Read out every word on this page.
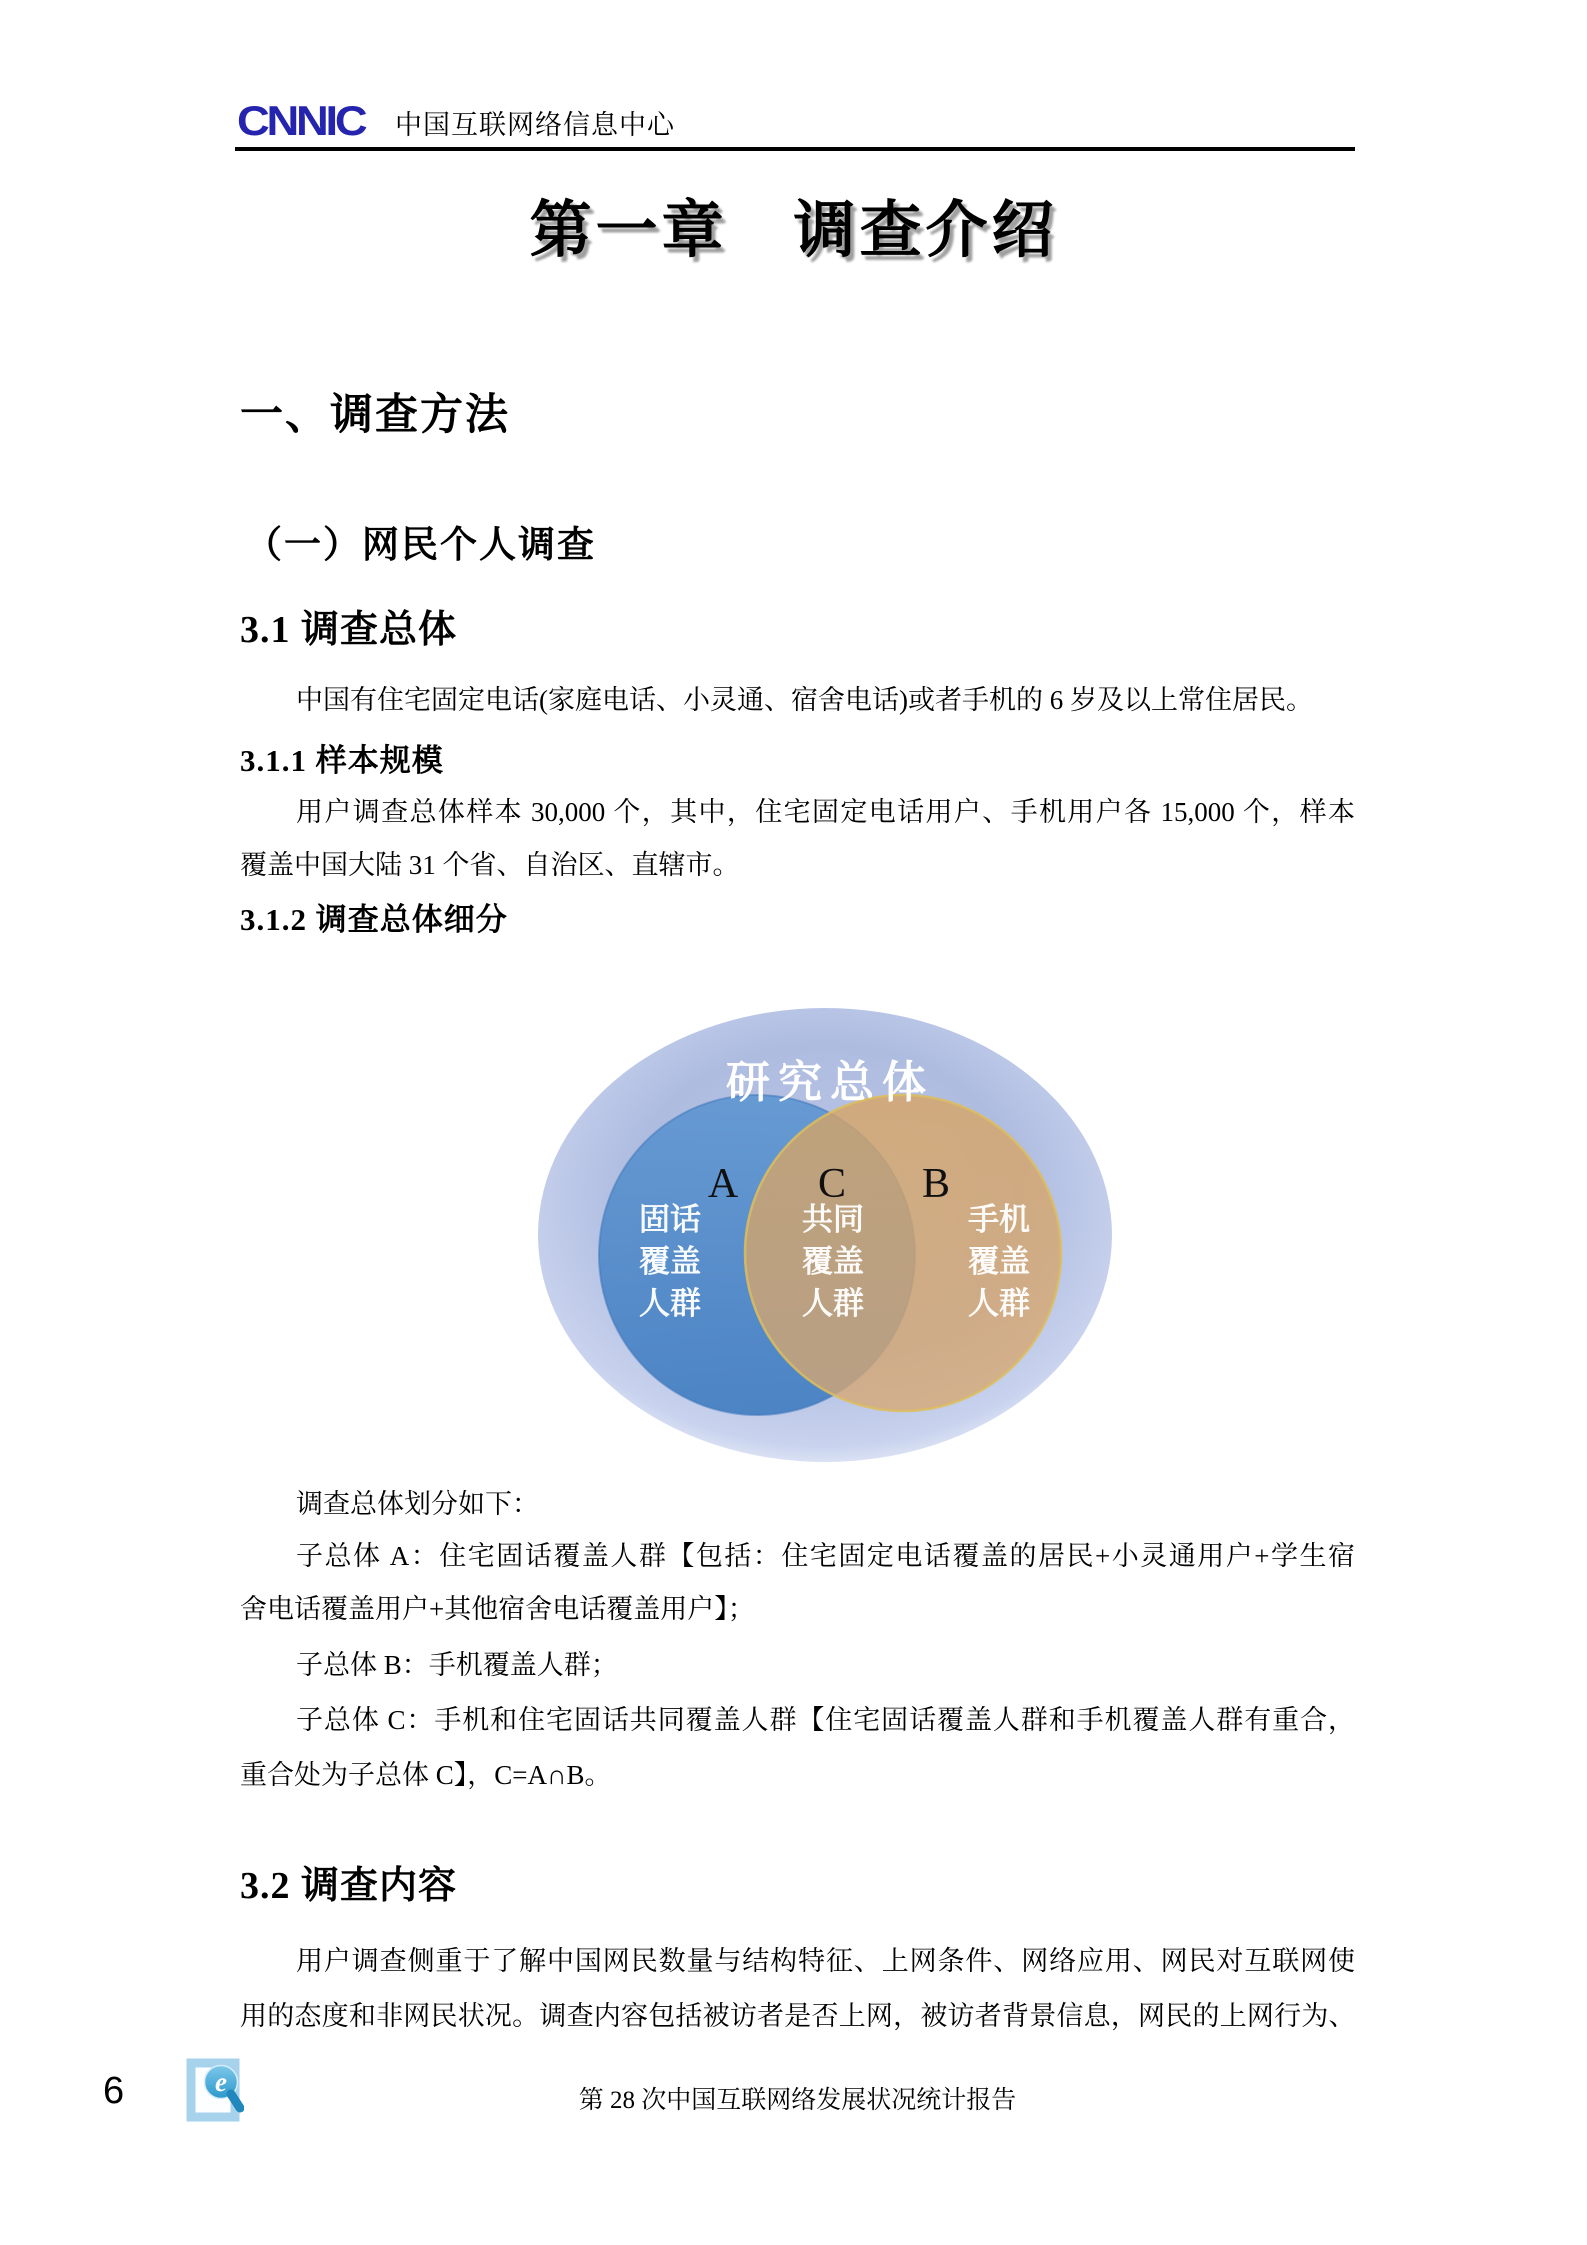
CNNIC 中国互联网络信息中心
第一章　调查介绍
一、调查方法
（一）网民个人调查
3.1 调查总体
中国有住宅固定电话(家庭电话、小灵通、宿舍电话)或者手机的 6 岁及以上常住居民。
3.1.1 样本规模
用户调查总体样本 30,000 个，其中，住宅固定电话用户、手机用户各 15,000 个，样本
覆盖中国大陆 31 个省、自治区、直辖市。
3.1.2 调查总体细分
研究总体
A C B
固话
覆盖
人群
共同
覆盖
人群
手机
覆盖
人群
调查总体划分如下：
子总体 A：住宅固话覆盖人群【包括：住宅固定电话覆盖的居民+小灵通用户+学生宿
舍电话覆盖用户+其他宿舍电话覆盖用户】；
子总体 B：手机覆盖人群；
子总体 C：手机和住宅固话共同覆盖人群【住宅固话覆盖人群和手机覆盖人群有重合，
重合处为子总体 C】，C=A∩B。
3.2 调查内容
用户调查侧重于了解中国网民数量与结构特征、上网条件、网络应用、网民对互联网使
用的态度和非网民状况。调查内容包括被访者是否上网，被访者背景信息，网民的上网行为、
6	e
第 28 次中国互联网络发展状况统计报告
